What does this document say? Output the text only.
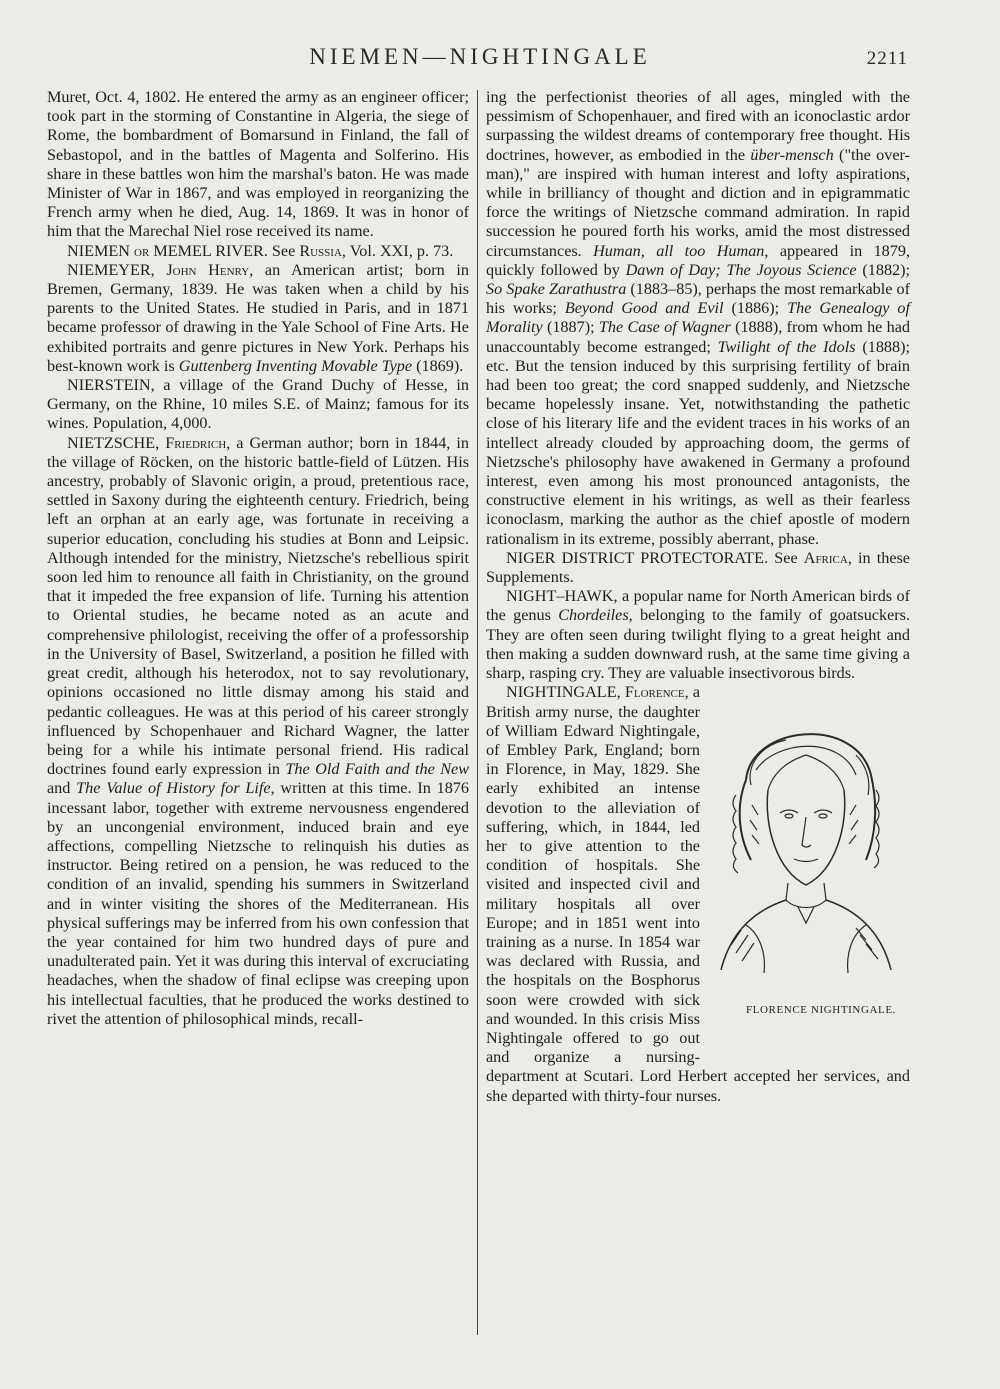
NIEMEN—NIGHTINGALE	2211

Muret, Oct. 4, 1802. He entered the army as an engineer officer; took part in the storming of Constantine in Algeria, the siege of Rome, the bombardment of Bomarsund in Finland, the fall of Sebastopol, and in the battles of Magenta and Solferino. His share in these battles won him the marshal's baton. He was made Minister of War in 1867, and was employed in reorganizing the French army when he died, Aug. 14, 1869. It was in honor of him that the Marechal Niel rose received its name.

NIEMEN or MEMEL RIVER. See Russia, Vol. XXI, p. 73.

NIEMEYER, John Henry, an American artist; born in Bremen, Germany, 1839. He was taken when a child by his parents to the United States. He studied in Paris, and in 1871 became professor of drawing in the Yale School of Fine Arts. He exhibited portraits and genre pictures in New York. Perhaps his best-known work is Guttenberg Inventing Movable Type (1869).

NIERSTEIN, a village of the Grand Duchy of Hesse, in Germany, on the Rhine, 10 miles S.E. of Mainz; famous for its wines. Population, 4,000.

NIETZSCHE, Friedrich, a German author; born in 1844, in the village of Röcken, on the historic battle-field of Lützen. His ancestry, probably of Slavonic origin, a proud, pretentious race, settled in Saxony during the eighteenth century. Friedrich, being left an orphan at an early age, was fortunate in receiving a superior education, concluding his studies at Bonn and Leipsic. Although intended for the ministry, Nietzsche's rebellious spirit soon led him to renounce all faith in Christianity, on the ground that it impeded the free expansion of life. Turning his attention to Oriental studies, he became noted as an acute and comprehensive philologist, receiving the offer of a professorship in the University of Basel, Switzerland, a position he filled with great credit, although his heterodox, not to say revolutionary, opinions occasioned no little dismay among his staid and pedantic colleagues. He was at this period of his career strongly influenced by Schopenhauer and Richard Wagner, the latter being for a while his intimate personal friend. His radical doctrines found early expression in The Old Faith and the New and The Value of History for Life, written at this time. In 1876 incessant labor, together with extreme nervousness engendered by an uncongenial environment, induced brain and eye affections, compelling Nietzsche to relinquish his duties as instructor. Being retired on a pension, he was reduced to the condition of an invalid, spending his summers in Switzerland and in winter visiting the shores of the Mediterranean. His physical sufferings may be inferred from his own confession that the year contained for him two hundred days of pure and unadulterated pain. Yet it was during this interval of excruciating headaches, when the shadow of final eclipse was creeping upon his intellectual faculties, that he produced the works destined to rivet the attention of philosophical minds, recall-

ing the perfectionist theories of all ages, mingled with the pessimism of Schopenhauer, and fired with an iconoclastic ardor surpassing the wildest dreams of contemporary free thought. His doctrines, however, as embodied in the über-mensch ("the over-man)," are inspired with human interest and lofty aspirations, while in brilliancy of thought and diction and in epigrammatic force the writings of Nietzsche command admiration. In rapid succession he poured forth his works, amid the most distressed circumstances. Human, all too Human, appeared in 1879, quickly followed by Dawn of Day; The Joyous Science (1882); So Spake Zarathustra (1883–85), perhaps the most remarkable of his works; Beyond Good and Evil (1886); The Genealogy of Morality (1887); The Case of Wagner (1888), from whom he had unaccountably become estranged; Twilight of the Idols (1888); etc. But the tension induced by this surprising fertility of brain had been too great; the cord snapped suddenly, and Nietzsche became hopelessly insane. Yet, notwithstanding the pathetic close of his literary life and the evident traces in his works of an intellect already clouded by approaching doom, the germs of Nietzsche's philosophy have awakened in Germany a profound interest, even among his most pronounced antagonists, the constructive element in his writings, as well as their fearless iconoclasm, marking the author as the chief apostle of modern rationalism in its extreme, possibly aberrant, phase.

NIGER DISTRICT PROTECTORATE. See Africa, in these Supplements.

NIGHT–HAWK, a popular name for North American birds of the genus Chordeiles, belonging to the family of goatsuckers. They are often seen during twilight flying to a great height and then making a sudden downward rush, at the same time giving a sharp, rasping cry. They are valuable insectivorous birds.

FLORENCE NIGHTINGALE.
NIGHTINGALE, Florence, a British army nurse, the daughter of William Edward Nightingale, of Embley Park, England; born in Florence, in May, 1829. She early exhibited an intense devotion to the alleviation of suffering, which, in 1844, led her to give attention to the condition of hospitals. She visited and inspected civil and military hospitals all over Europe; and in 1851 went into training as a nurse. In 1854 war was declared with Russia, and the hospitals on the Bosphorus soon were crowded with sick and wounded. In this crisis Miss Nightingale offered to go out and organize a nursing-department at Scutari. Lord Herbert accepted her services, and she departed with thirty-four nurses.
